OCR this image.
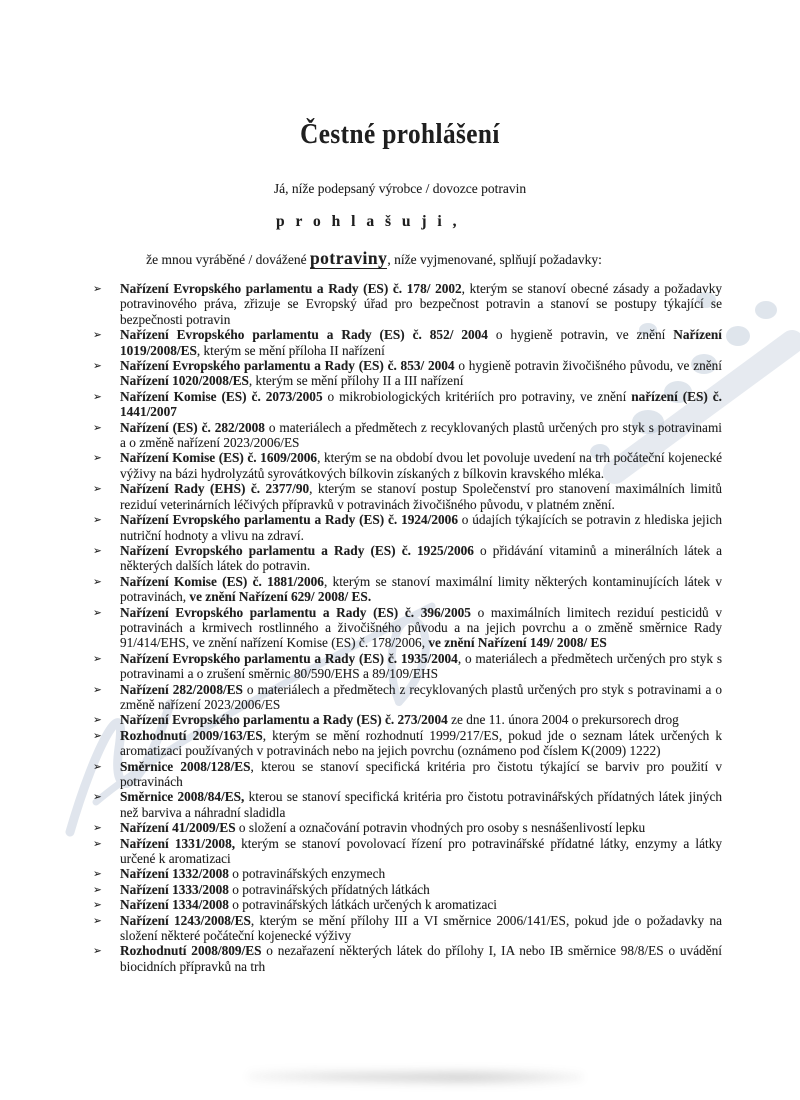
Čestné prohlášení

Já, níže podepsaný výrobce / dovozce potravin

p r o h l a š u j i ,

že mnou vyráběné / dovážené potraviny, níže vyjmenované, splňují požadavky:

➢ Nařízení Evropského parlamentu a Rady (ES) č. 178/ 2002, kterým se stanoví obecné zásady a požadavky potravinového práva, zřizuje se Evropský úřad pro bezpečnost potravin a stanoví se postupy týkající se bezpečnosti potravin
➢ Nařízení Evropského parlamentu a Rady (ES) č. 852/ 2004 o hygieně potravin, ve znění Nařízení 1019/2008/ES, kterým se mění příloha II nařízení
➢ Nařízení Evropského parlamentu a Rady (ES) č. 853/ 2004 o hygieně potravin živočišného původu, ve znění Nařízení 1020/2008/ES, kterým se mění přílohy II a III nařízení
➢ Nařízení Komise (ES) č. 2073/2005 o mikrobiologických kritériích pro potraviny, ve znění nařízení (ES) č. 1441/2007
➢ Nařízení (ES) č. 282/2008 o materiálech a předmětech z recyklovaných plastů určených pro styk s potravinami a o změně nařízení 2023/2006/ES
➢ Nařízení Komise (ES) č. 1609/2006, kterým se na období dvou let povoluje uvedení na trh počáteční kojenecké výživy na bázi hydrolyzátů syrovátkových bílkovin získaných z bílkovin kravského mléka.
➢ Nařízení Rady (EHS) č. 2377/90, kterým se stanoví postup Společenství pro stanovení maximálních limitů reziduí veterinárních léčivých přípravků v potravinách živočišného původu, v platném znění.
➢ Nařízení Evropského parlamentu a Rady (ES) č. 1924/2006 o údajích týkajících se potravin z hlediska jejich nutriční hodnoty a vlivu na zdraví.
➢ Nařízení Evropského parlamentu a Rady (ES) č. 1925/2006 o přidávání vitaminů a minerálních látek a některých dalších látek do potravin.
➢ Nařízení Komise (ES) č. 1881/2006, kterým se stanoví maximální limity některých kontaminujících látek v potravinách, ve znění Nařízení 629/ 2008/ ES.
➢ Nařízení Evropského parlamentu a Rady (ES) č. 396/2005 o maximálních limitech reziduí pesticidů v potravinách a krmivech rostlinného a živočišného původu a na jejich povrchu a o změně směrnice Rady 91/414/EHS, ve znění nařízení Komise (ES) č. 178/2006, ve znění Nařízení 149/ 2008/ ES
➢ Nařízení Evropského parlamentu a Rady (ES) č. 1935/2004, o materiálech a předmětech určených pro styk s potravinami a o zrušení směrnic 80/590/EHS a 89/109/EHS
➢ Nařízení 282/2008/ES o materiálech a předmětech z recyklovaných plastů určených pro styk s potravinami a o změně nařízení 2023/2006/ES
➢ Nařízení Evropského parlamentu a Rady (ES) č. 273/2004 ze dne 11. února 2004 o prekursorech drog
➢ Rozhodnutí 2009/163/ES, kterým se mění rozhodnutí 1999/217/ES, pokud jde o seznam látek určených k aromatizaci používaných v potravinách nebo na jejich povrchu (oznámeno pod číslem K(2009) 1222)
➢ Směrnice 2008/128/ES, kterou se stanoví specifická kritéria pro čistotu týkající se barviv pro použití v potravinách
➢ Směrnice 2008/84/ES, kterou se stanoví specifická kritéria pro čistotu potravinářských přídatných látek jiných než barviva a náhradní sladidla
➢ Nařízení 41/2009/ES o složení a označování potravin vhodných pro osoby s nesnášenlivostí lepku
➢ Nařízení 1331/2008, kterým se stanoví povolovací řízení pro potravinářské přídatné látky, enzymy a látky určené k aromatizaci
➢ Nařízení 1332/2008 o potravinářských enzymech
➢ Nařízení 1333/2008 o potravinářských přídatných látkách
➢ Nařízení 1334/2008 o potravinářských látkách určených k aromatizaci
➢ Nařízení 1243/2008/ES, kterým se mění přílohy III a VI směrnice 2006/141/ES, pokud jde o požadavky na složení některé počáteční kojenecké výživy
➢ Rozhodnutí 2008/809/ES o nezařazení některých látek do přílohy I, IA nebo IB směrnice 98/8/ES o uvádění biocidních přípravků na trh
